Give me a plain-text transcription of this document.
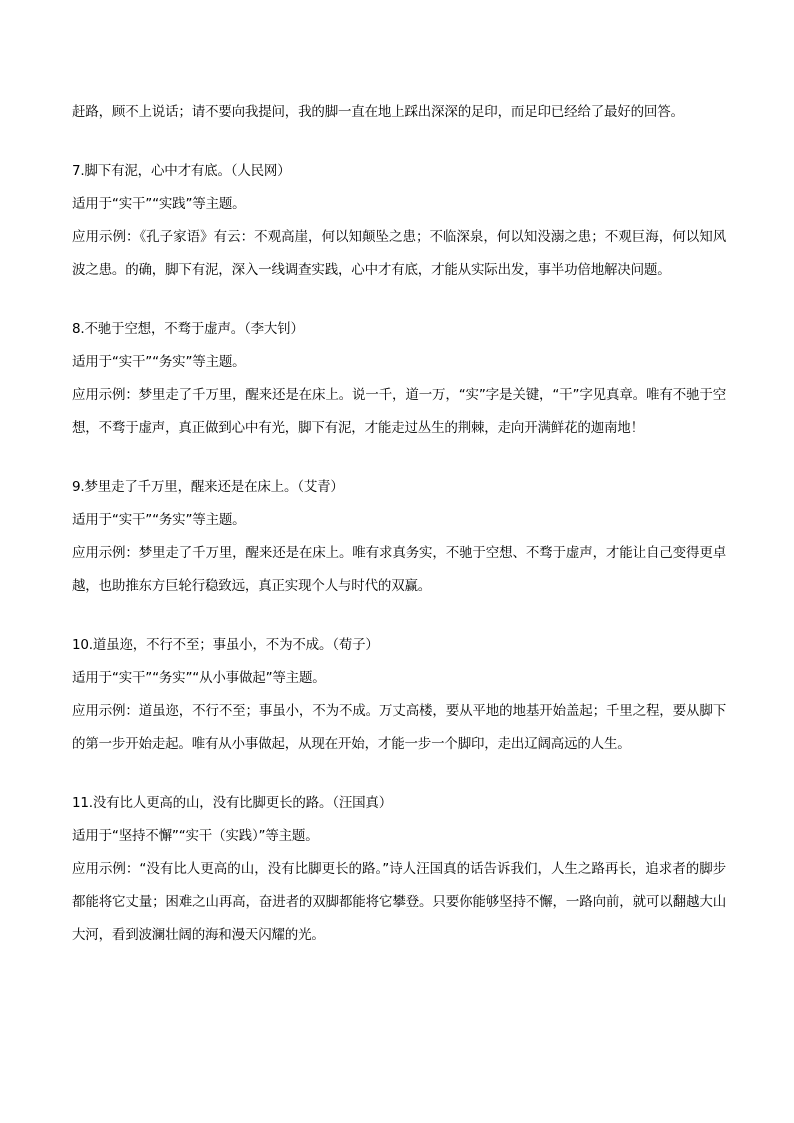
赶路，顾不上说话；请不要向我提问，我的脚一直在地上踩出深深的足印，而足印已经给了最好的回答。
7.脚下有泥，心中才有底。（人民网）
适用于“实干”“实践”等主题。
应用示例：《孔子家语》有云：不观高崖，何以知颠坠之患；不临深泉，何以知没溺之患；不观巨海，何以知风波之患。的确，脚下有泥，深入一线调查实践，心中才有底，才能从实际出发，事半功倍地解决问题。
8.不驰于空想，不骛于虚声。（李大钊）
适用于“实干”“务实”等主题。
应用示例：梦里走了千万里，醒来还是在床上。说一千，道一万，“实”字是关键，“干”字见真章。唯有不驰于空想，不骛于虚声，真正做到心中有光，脚下有泥，才能走过丛生的荆棘，走向开满鲜花的迦南地！
9.梦里走了千万里，醒来还是在床上。（艾青）
适用于“实干”“务实”等主题。
应用示例：梦里走了千万里，醒来还是在床上。唯有求真务实，不驰于空想、不骛于虚声，才能让自己变得更卓越，也助推东方巨轮行稳致远，真正实现个人与时代的双赢。
10.道虽迩，不行不至；事虽小，不为不成。（荀子）
适用于“实干”“务实”“从小事做起”等主题。
应用示例：道虽迩，不行不至；事虽小，不为不成。万丈高楼，要从平地的地基开始盖起；千里之程，要从脚下的第一步开始走起。唯有从小事做起，从现在开始，才能一步一个脚印，走出辽阔高远的人生。
11.没有比人更高的山，没有比脚更长的路。（汪国真）
适用于“坚持不懈”“实干（实践）”等主题。
应用示例：“没有比人更高的山，没有比脚更长的路。”诗人汪国真的话告诉我们，人生之路再长，追求者的脚步都能将它丈量；困难之山再高，奋进者的双脚都能将它攀登。只要你能够坚持不懈，一路向前，就可以翻越大山大河，看到波澜壮阔的海和漫天闪耀的光。
